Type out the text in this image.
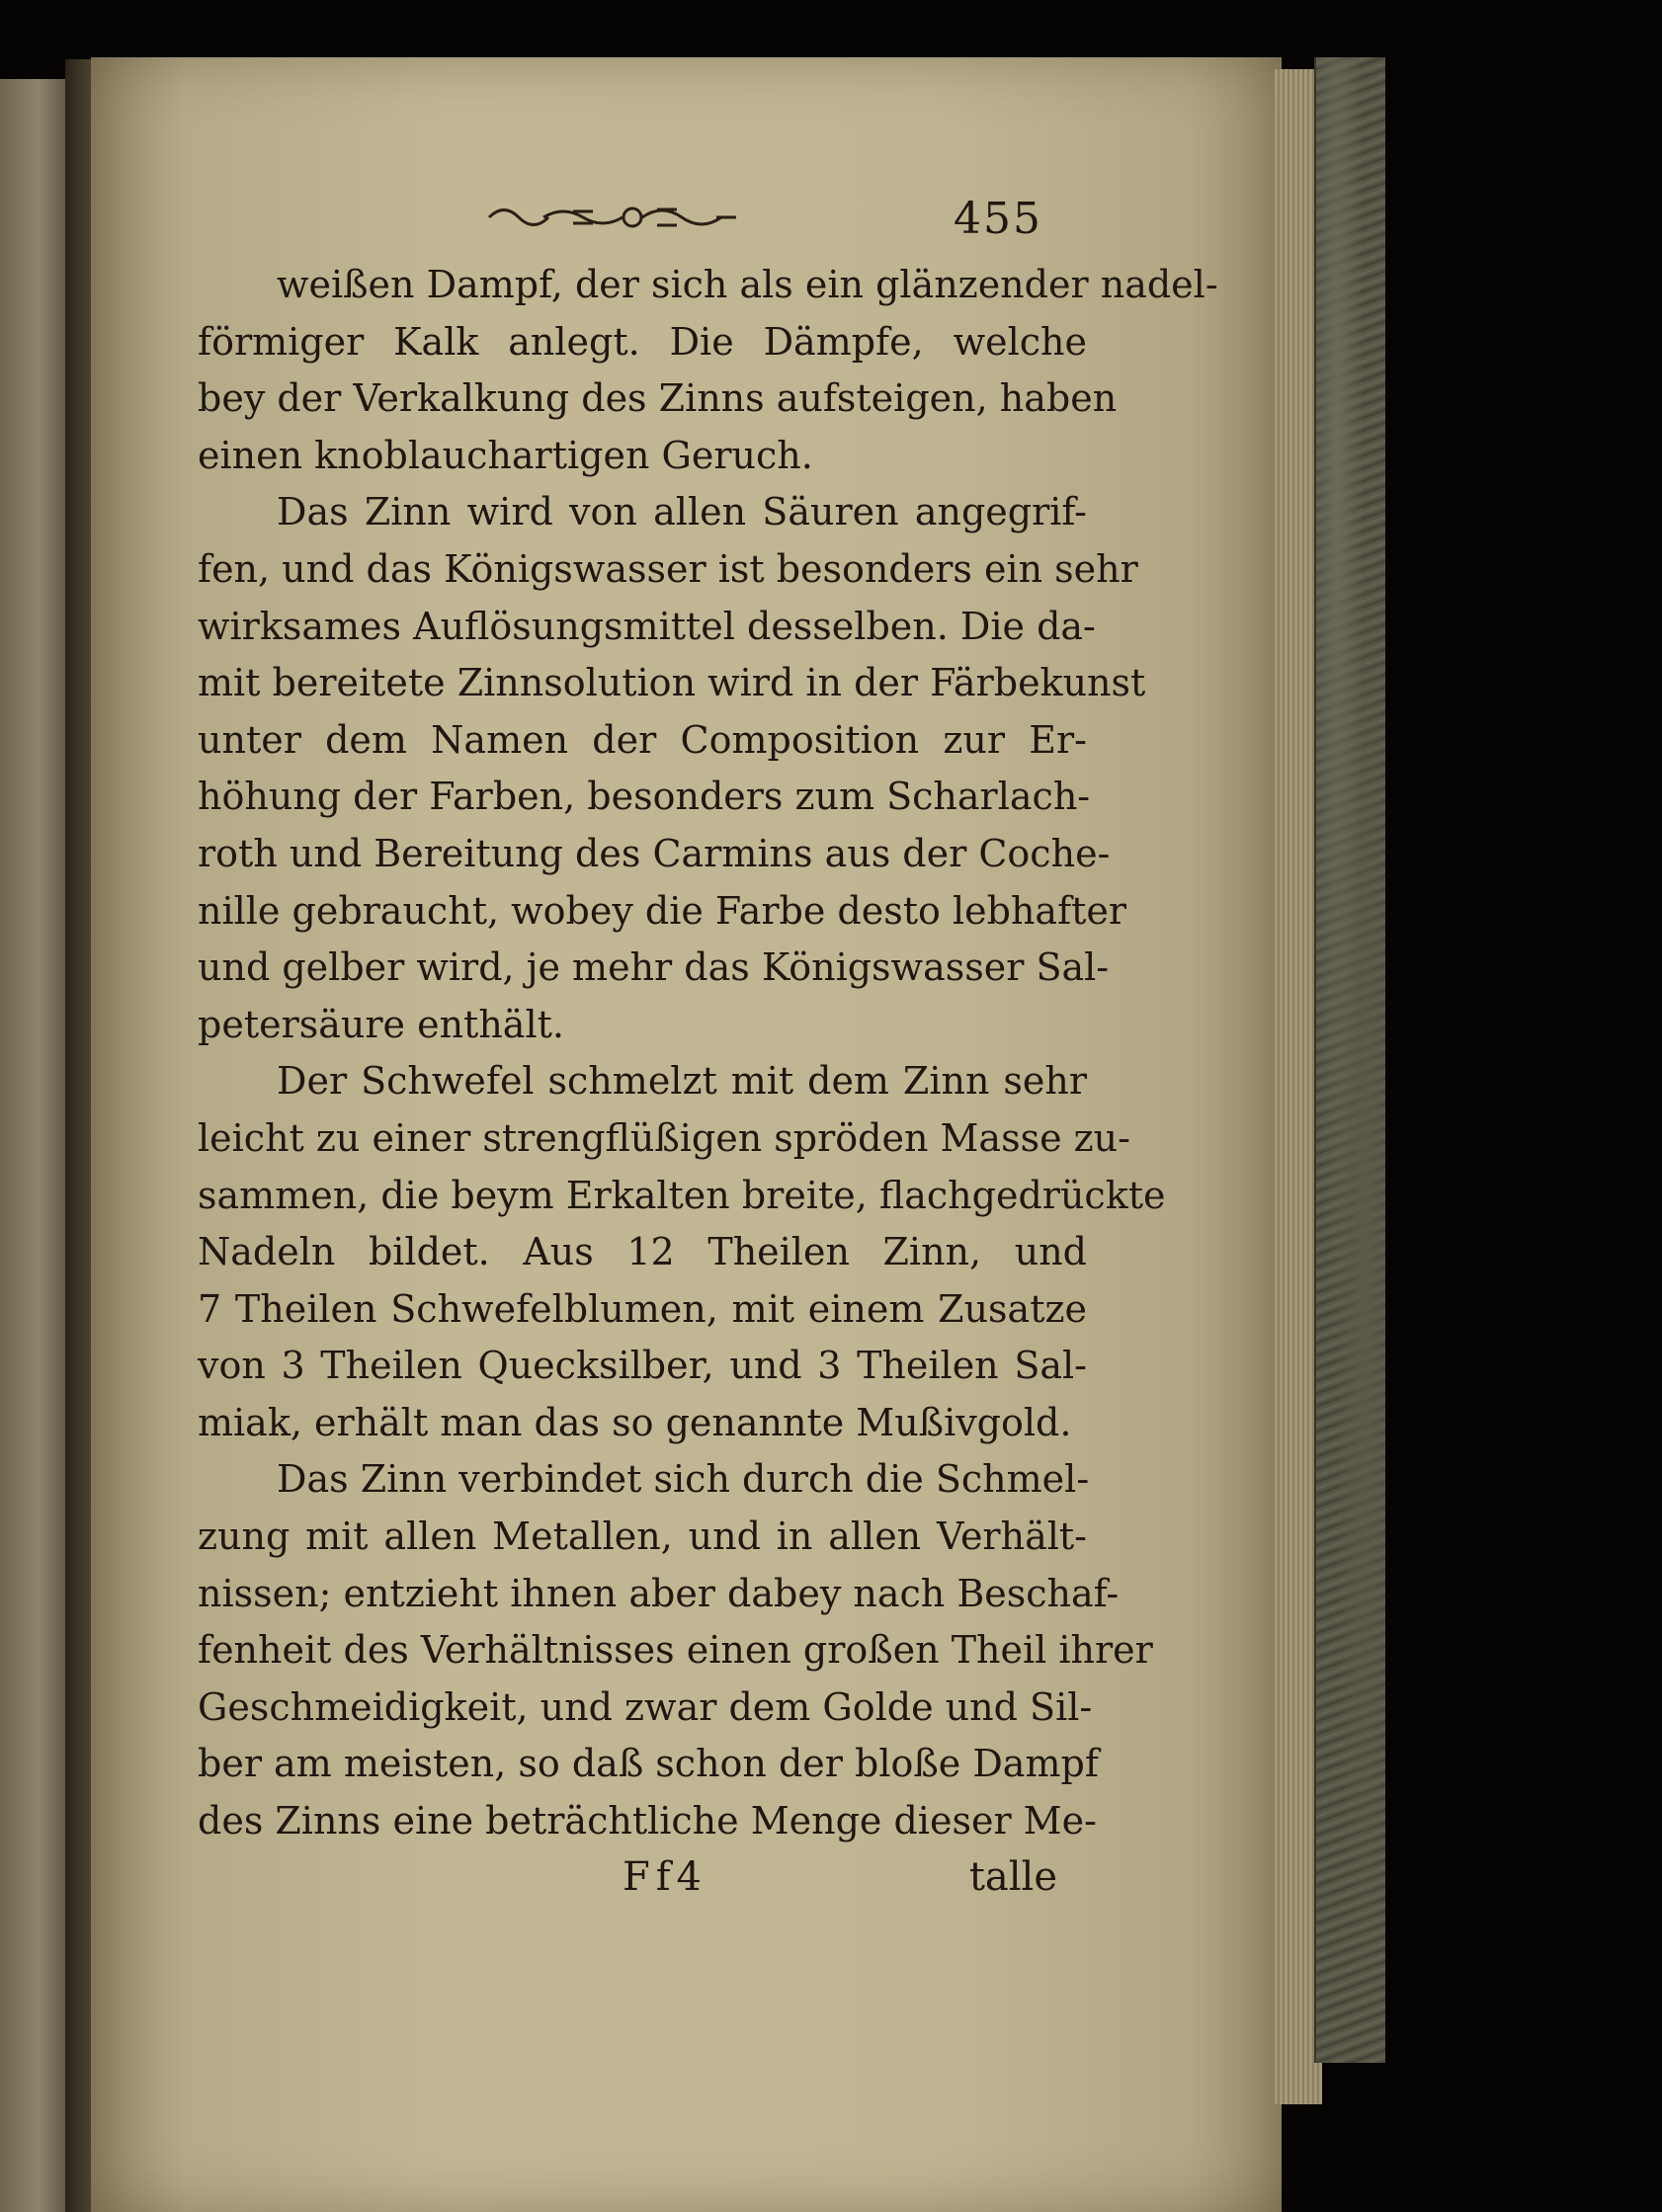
455

weißen Dampf, der sich als ein glänzender nadel-
förmiger Kalk anlegt. Die Dämpfe, welche
bey der Verkalkung des Zinns aufsteigen, haben
einen knoblauchartigen Geruch.

Das Zinn wird von allen Säuren angegrif-
fen, und das Königswasser ist besonders ein sehr
wirksames Auflösungsmittel desselben. Die da-
mit bereitete Zinnsolution wird in der Färbekunst
unter dem Namen der Composition zur Er-
höhung der Farben, besonders zum Scharlach-
roth und Bereitung des Carmins aus der Coche-
nille gebraucht, wobey die Farbe desto lebhafter
und gelber wird, je mehr das Königswasser Sal-
petersäure enthält.

Der Schwefel schmelzt mit dem Zinn sehr
leicht zu einer strengflüßigen spröden Masse zu-
sammen, die beym Erkalten breite, flachgedrückte
Nadeln bildet. Aus 12 Theilen Zinn, und
7 Theilen Schwefelblumen, mit einem Zusatze
von 3 Theilen Quecksilber, und 3 Theilen Sal-
miak, erhält man das so genannte Mußivgold.

Das Zinn verbindet sich durch die Schmel-
zung mit allen Metallen, und in allen Verhält-
nissen; entzieht ihnen aber dabey nach Beschaf-
fenheit des Verhältnisses einen großen Theil ihrer
Geschmeidigkeit, und zwar dem Golde und Sil-
ber am meisten, so daß schon der bloße Dampf
des Zinns eine beträchtliche Menge dieser Me-

Ff4	talle
